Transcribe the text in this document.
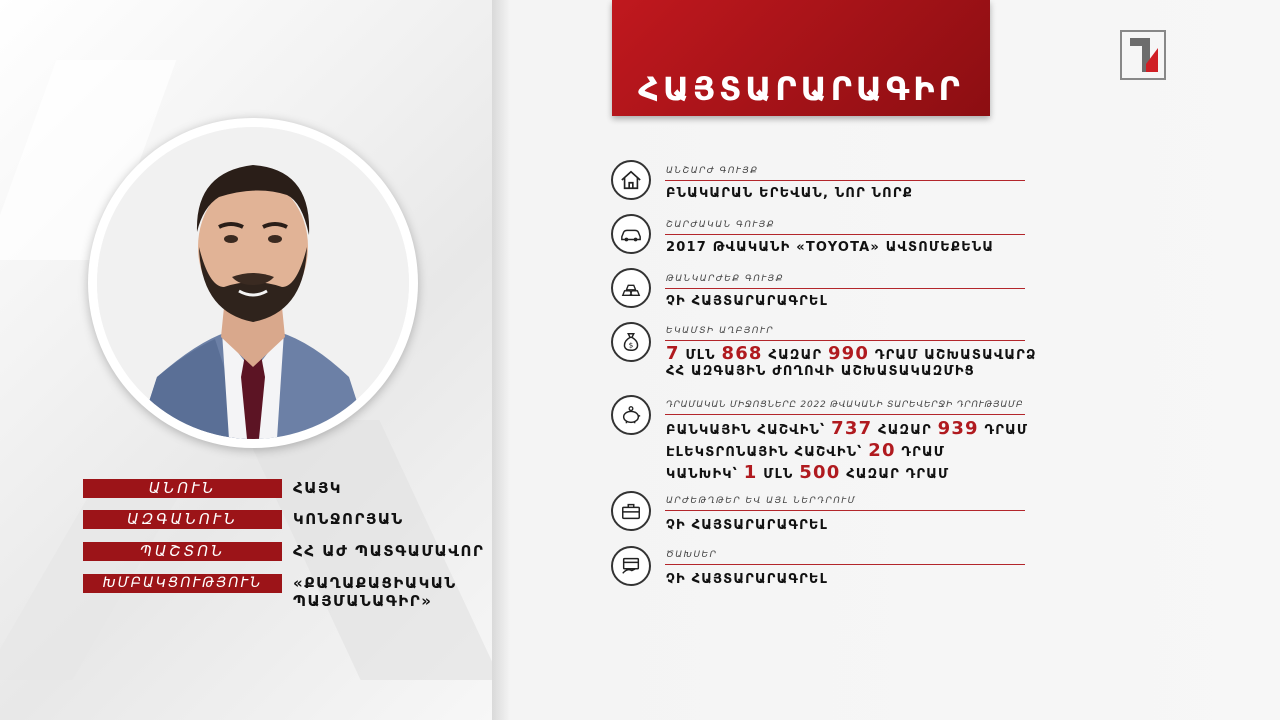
ԱՆՈՒՆ	ՀԱՅԿ
ԱԶԳԱՆՈՒՆ	ԿՈՆՋՈՐՅԱՆ
ՊԱՇՏՈՆ	ՀՀ ԱԺ ՊԱՏԳԱՄԱՎՈՐ
ԽՄԲԱԿՑՈՒԹՅՈՒՆ	«ՔԱՂԱՔԱՑԻԱԿԱՆ
ՊԱՅՄԱՆԱԳԻՐ»
ՀԱՅՏԱՐԱՐԱԳԻՐ
ԱՆՇԱՐԺ ԳՈՒՅՔ
ԲՆԱԿԱՐԱՆ ԵՐԵՎԱՆ, ՆՈՐ ՆՈՐՔ
ՇԱՐԺԱԿԱՆ ԳՈՒՅՔ
2017 ԹՎԱԿԱՆԻ «TOYOTA» ԱՎՏՈՄԵՔԵՆԱ
ԹԱՆԿԱՐԺԵՔ ԳՈՒՅՔ
ՉԻ ՀԱՅՏԱՐԱՐԱԳՐԵԼ
$
ԵԿԱՄՏԻ ԱՂԲՅՈՒՐ
7 ՄԼՆ 868 ՀԱԶԱՐ 990 ԴՐԱՄ ԱՇԽԱՏԱՎԱՐՁ
ՀՀ ԱԶԳԱՅԻՆ ԺՈՂՈՎԻ ԱՇԽԱՏԱԿԱԶՄԻՑ
ԴՐԱՄԱԿԱՆ ՄԻՋՈՑՆԵՐԸ 2022 ԹՎԱԿԱՆԻ ՏԱՐԵՎԵՐՋԻ ԴՐՈՒԹՅԱՄԲ
ԲԱՆԿԱՅԻՆ ՀԱՇՎԻՆ՝ 737 ՀԱԶԱՐ 939 ԴՐԱՄ
ԷԼԵԿՏՐՈՆԱՅԻՆ ՀԱՇՎԻՆ՝ 20 ԴՐԱՄ
ԿԱՆԽԻԿ՝ 1 ՄԼՆ 500 ՀԱԶԱՐ ԴՐԱՄ
ԱՐԺԵԹՂԹԵՐ ԵՎ ԱՅԼ ՆԵՐԴՐՈՒՄ
ՉԻ ՀԱՅՏԱՐԱՐԱԳՐԵԼ
ԾԱԽՍԵՐ
ՉԻ ՀԱՅՏԱՐԱՐԱԳՐԵԼ
